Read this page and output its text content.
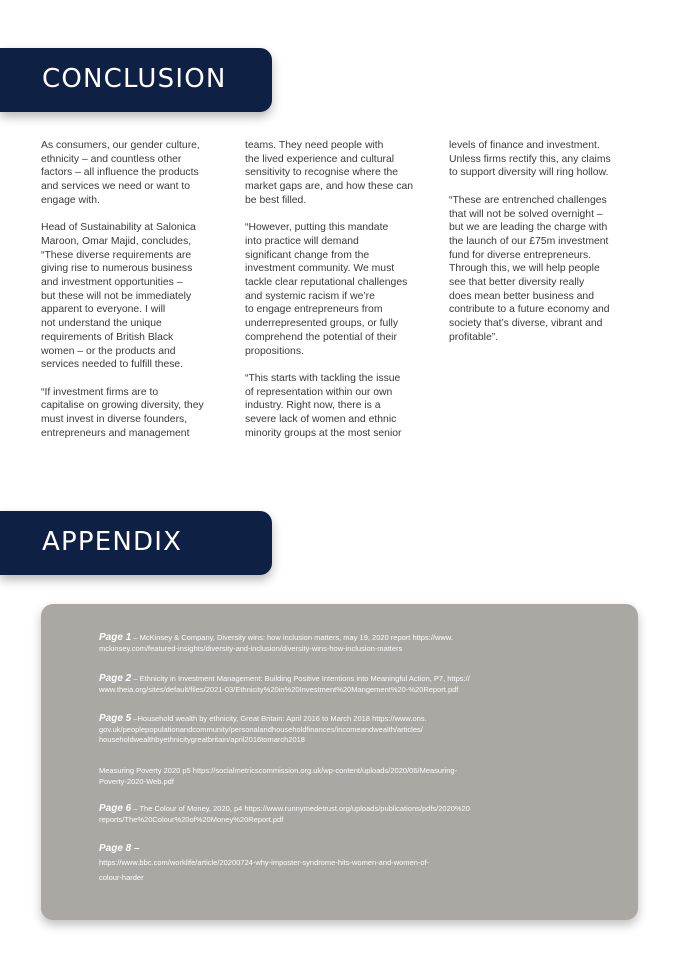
CONCLUSION

As consumers, our gender culture,
ethnicity – and countless other
factors – all influence the products
and services we need or want to
engage with.

Head of Sustainability at Salonica
Maroon, Omar Majid, concludes,
“These diverse requirements are
giving rise to numerous business
and investment opportunities –
but these will not be immediately
apparent to everyone. I will
not understand the unique
requirements of British Black
women – or the products and
services needed to fulfill these.

“If investment firms are to
capitalise on growing diversity, they
must invest in diverse founders,
entrepreneurs and management

teams. They need people with
the lived experience and cultural
sensitivity to recognise where the
market gaps are, and how these can
be best filled.

“However, putting this mandate
into practice will demand
significant change from the
investment community. We must
tackle clear reputational challenges
and systemic racism if we’re
to engage entrepreneurs from
underrepresented groups, or fully
comprehend the potential of their
propositions.

“This starts with tackling the issue
of representation within our own
industry. Right now, there is a
severe lack of women and ethnic
minority groups at the most senior

levels of finance and investment.
Unless firms rectify this, any claims
to support diversity will ring hollow.

“These are entrenched challenges
that will not be solved overnight –
but we are leading the charge with
the launch of our £75m investment
fund for diverse entrepreneurs.
Through this, we will help people
see that better diversity really
does mean better business and
contribute to a future economy and
society that’s diverse, vibrant and
profitable”.

APPENDIX
Page 1 – McKinsey & Company, Diversity wins: how inclusion matters, may 19, 2020 report https://www.
mckinsey.com/featured-insights/diversity-and-inclusion/diversity-wins-how-inclusion-matters
Page 2 – Ethnicity in Investment Management: Building Positive Intentions into Meaningful Action, P7, https://
www.theia.org/sites/default/files/2021-03/Ethnicity%20in%20Investment%20Mangement%20-%20Report.pdf
Page 5 –Household wealth by ethnicity, Great Britain: April 2016 to March 2018 https://www.ons.
gov.uk/peoplepopulationandcommunity/personalandhouseholdfinances/incomeandwealth/articles/
householdwealthbyethnicitygreatbritain/april2016tomarch2018
Measuring Poverty 2020 p5 https://socialmetricscommission.org.uk/wp-content/uploads/2020/06/Measuring-
Poverty-2020-Web.pdf
Page 6 – The Colour of Money, 2020, p4 https://www.runnymedetrust.org/uploads/publications/pdfs/2020%20
reports/The%20Colour%20of%20Money%20Report.pdf
Page 8 –
https://www.bbc.com/worklife/article/20200724-why-imposter-syndrome-hits-women-and-women-of-
colour-harder
